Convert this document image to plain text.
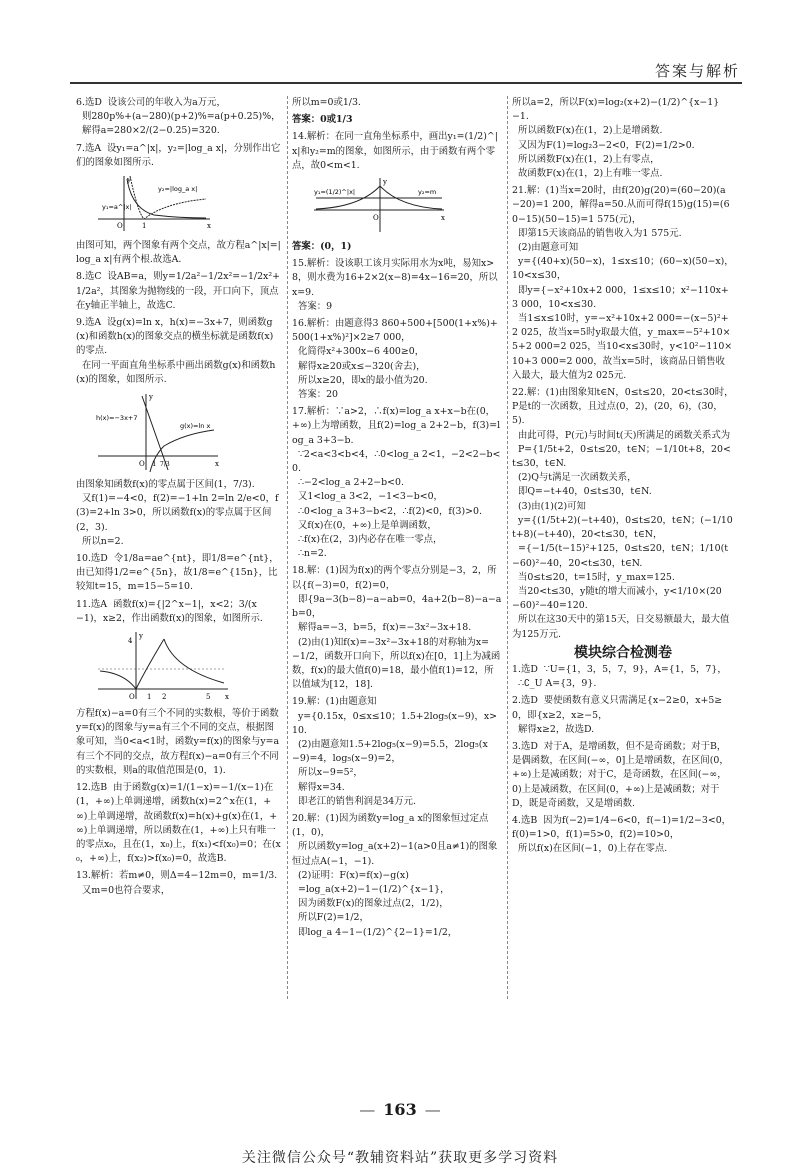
答案与解析
6.选D  设该公司的年收入为a万元，
则280p%+(a−280)(p+2)%=a(p+0.25)%，
解得a=280×2/(2−0.25)=320.
7.选A  设y₁=a^|x|，y₂=|log_a x|，分别作出它们的图象如图所示.
y₁=a^|x|
y₂=|log_a x|
x
y
O	1
由图可知，两个图象有两个交点，故方程a^|x|=|log_a x|有两个根.故选A.
8.选C  设AB=a，则y=1/2a²−1/2x²=−1/2x²+1/2a²，其图象为抛物线的一段，开口向下，顶点在y轴正半轴上，故选C.
9.选A  设g(x)=ln x，h(x)=−3x+7，则函数g(x)和函数h(x)的图象交点的横坐标就是函数f(x)的零点.
在同一平面直角坐标系中画出函数g(x)和函数h(x)的图象，如图所示.
h(x)=−3x+7
g(x)=ln x
x
y
O 1 7/3
由图象知函数f(x)的零点属于区间(1，7/3).
又f(1)=−4<0，f(2)=−1+ln 2=ln 2/e<0，f(3)=2+ln 3>0，所以函数f(x)的零点属于区间(2，3).
所以n=2.
10.选D  令1/8a=ae^{nt}，即1/8=e^{nt}，由已知得1/2=e^{5n}，故1/8=e^{15n}，比较知t=15，m=15−5=10.
11.选A  函数f(x)={|2^x−1|，x<2；3/(x−1)，x≥2，作出函数f(x)的图象，如图所示.
x
y
O 1 2	5
4
方程f(x)−a=0有三个不同的实数根，等价于函数y=f(x)的图象与y=a有三个不同的交点，根据图象可知，当0<a<1时，函数y=f(x)的图象与y=a有三个不同的交点，故方程f(x)−a=0有三个不同的实数根，则a的取值范围是(0，1).
12.选B  由于函数g(x)=1/(1−x)=−1/(x−1)在(1，+∞)上单调递增，函数h(x)=2^x在(1，+∞)上单调递增，故函数f(x)=h(x)+g(x)在(1，+∞)上单调递增，所以函数在(1，+∞)上只有唯一的零点x₀，且在(1，x₀)上，f(x₁)<f(x₀)=0；在(x₀，+∞)上，f(x₂)>f(x₀)=0，故选B.
13.解析：若m≠0，则Δ=4−12m=0，m=1/3.
又m=0也符合要求，
所以m=0或1/3.
答案：0或1/3
14.解析：在同一直角坐标系中，画出y₁=(1/2)^|x|和y₂=m的图象，如图所示，由于函数有两个零点，故0<m<1.
y₁=(1/2)^|x|	y₂=m
x
y
O
答案：(0，1)
15.解析：设该职工该月实际用水为x吨，易知x>8，则水费为16+2×2(x−8)=4x−16=20，所以x=9.
答案：9
16.解析：由题意得3 860+500+[500(1+x%)+500(1+x%)²]×2≥7 000，
化简得x²+300x−6 400≥0，
解得x≥20或x≤−320(舍去)，
所以x≥20，即x的最小值为20.
答案：20
17.解析：∵a>2，∴f(x)=log_a x+x−b在(0，+∞)上为增函数，且f(2)=log_a 2+2−b，f(3)=log_a 3+3−b.
∵2<a<3<b<4，∴0<log_a 2<1，−2<2−b<0.
∴−2<log_a 2+2−b<0.
又1<log_a 3<2，−1<3−b<0，
∴0<log_a 3+3−b<2，∴f(2)<0，f(3)>0.
又f(x)在(0，+∞)上是单调函数，
∴f(x)在(2，3)内必存在唯一零点，
∴n=2.
18.解：(1)因为f(x)的两个零点分别是−3，2，所以{f(−3)=0，f(2)=0，
即{9a−3(b−8)−a−ab=0，4a+2(b−8)−a−ab=0，
解得a=−3，b=5，f(x)=−3x²−3x+18.
(2)由(1)知f(x)=−3x²−3x+18的对称轴为x=−1/2，函数开口向下，所以f(x)在[0，1]上为减函数，f(x)的最大值f(0)=18，最小值f(1)=12，所以值域为[12，18].
19.解：(1)由题意知
y={0.15x，0≤x≤10；1.5+2log₅(x−9)，x>10.
(2)由题意知1.5+2log₅(x−9)=5.5，2log₅(x−9)=4，log₅(x−9)=2，
所以x−9=5²，
解得x=34.
即老江的销售利润是34万元.
20.解：(1)因为函数y=log_a x的图象恒过定点(1，0)，
所以函数y=log_a(x+2)−1(a>0且a≠1)的图象恒过点A(−1，−1).
(2)证明：F(x)=f(x)−g(x)
=log_a(x+2)−1−(1/2)^{x−1}，
因为函数F(x)的图象过点(2，1/2)，
所以F(2)=1/2，
即log_a 4−1−(1/2)^{2−1}=1/2，
所以a=2，所以F(x)=log₂(x+2)−(1/2)^{x−1}−1.
所以函数F(x)在(1，2)上是增函数.
又因为F(1)=log₂3−2<0，F(2)=1/2>0.
所以函数F(x)在(1，2)上有零点，
故函数F(x)在(1，2)上有唯一零点.
21.解：(1)当x=20时，由f(20)g(20)=(60−20)(a−20)=1 200，解得a=50.从而可得f(15)g(15)=(60−15)(50−15)=1 575(元)，
即第15天该商品的销售收入为1 575元.
(2)由题意可知
y={(40+x)(50−x)，1≤x≤10；(60−x)(50−x)，10<x≤30，
即y={−x²+10x+2 000，1≤x≤10；x²−110x+3 000，10<x≤30.
当1≤x≤10时，y=−x²+10x+2 000=−(x−5)²+2 025，故当x=5时y取最大值，y_max=−5²+10×5+2 000=2 025，当10<x≤30时，y<10²−110×10+3 000=2 000，故当x=5时，该商品日销售收入最大，最大值为2 025元.
22.解：(1)由图象知t∈N，0≤t≤20，20<t≤30时，P是t的一次函数，且过点(0，2)，(20，6)，(30，5).
由此可得，P(元)与时间t(天)所满足的函数关系式为
P={1/5t+2，0≤t≤20，t∈N；−1/10t+8，20<t≤30，t∈N.
(2)Q与t满足一次函数关系，
即Q=−t+40，0≤t≤30，t∈N.
(3)由(1)(2)可知
y={(1/5t+2)(−t+40)，0≤t≤20，t∈N；(−1/10t+8)(−t+40)，20<t≤30，t∈N，
={−1/5(t−15)²+125，0≤t≤20，t∈N；1/10(t−60)²−40，20<t≤30，t∈N.
当0≤t≤20，t=15时，y_max=125.
当20<t≤30，y随t的增大而减小，y<1/10×(20−60)²−40=120.
所以在这30天中的第15天，日交易额最大，最大值为125万元.
模块综合检测卷
1.选D  ∵U={1，3，5，7，9}，A={1，5，7}，
∴∁_U A={3，9}.
2.选D  要使函数有意义只需满足{x−2≥0，x+5≥0，即{x≥2，x≥−5，
解得x≥2，故选D.
3.选D  对于A，是增函数，但不是奇函数；对于B，是偶函数，在区间(−∞，0]上是增函数，在区间(0，+∞)上是减函数；对于C，是奇函数，在区间(−∞，0)上是减函数，在区间(0，+∞)上是减函数；对于D，既是奇函数，又是增函数.
4.选B  因为f(−2)=1/4−6<0，f(−1)=1/2−3<0，f(0)=1>0，f(1)=5>0，f(2)=10>0，
所以f(x)在区间(−1，0)上存在零点.
— 163 —
关注微信公众号“教辅资料站”获取更多学习资料
